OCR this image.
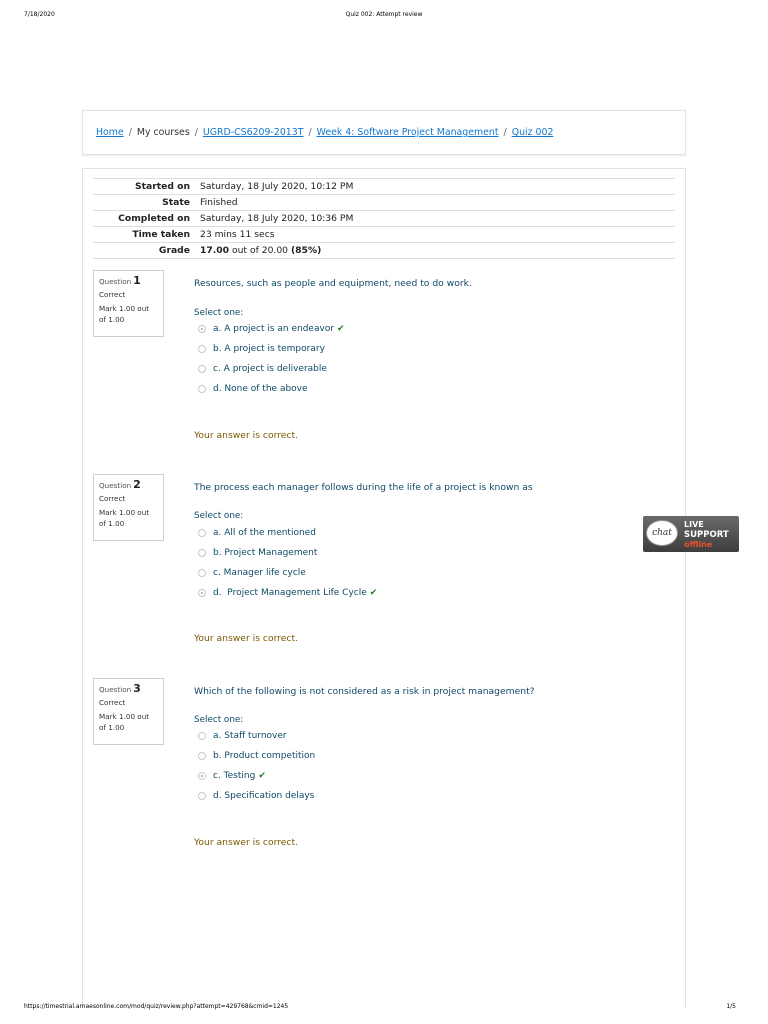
7/18/2020	Quiz 002: Attempt review
Home / My courses / UGRD-CS6209-2013T / Week 4: Software Project Management / Quiz 002
Started on	Saturday, 18 July 2020, 10:12 PM
State	Finished
Completed on	Saturday, 18 July 2020, 10:36 PM
Time taken	23 mins 11 secs
Grade	17.00 out of 20.00 (85%)
Question 1
Correct
Mark 1.00 out of 1.00
Resources, such as people and equipment, need to do work.
Select one:
a. A project is an endeavor ✔
b. A project is temporary
c. A project is deliverable
d. None of the above
Your answer is correct.
Question 2
Correct
Mark 1.00 out of 1.00
The process each manager follows during the life of a project is known as
Select one:
a. All of the mentioned
b. Project Management
c. Manager life cycle
d.  Project Management Life Cycle ✔
Your answer is correct.
Question 3
Correct
Mark 1.00 out of 1.00
Which of the following is not considered as a risk in project management?
Select one:
a. Staff turnover
b. Product competition
c. Testing ✔
d. Specification delays
Your answer is correct.
chat
LIVE
SUPPORT
offline
https://timestrial.amaesonline.com/mod/quiz/review.php?attempt=429768&cmid=1245	1/5
